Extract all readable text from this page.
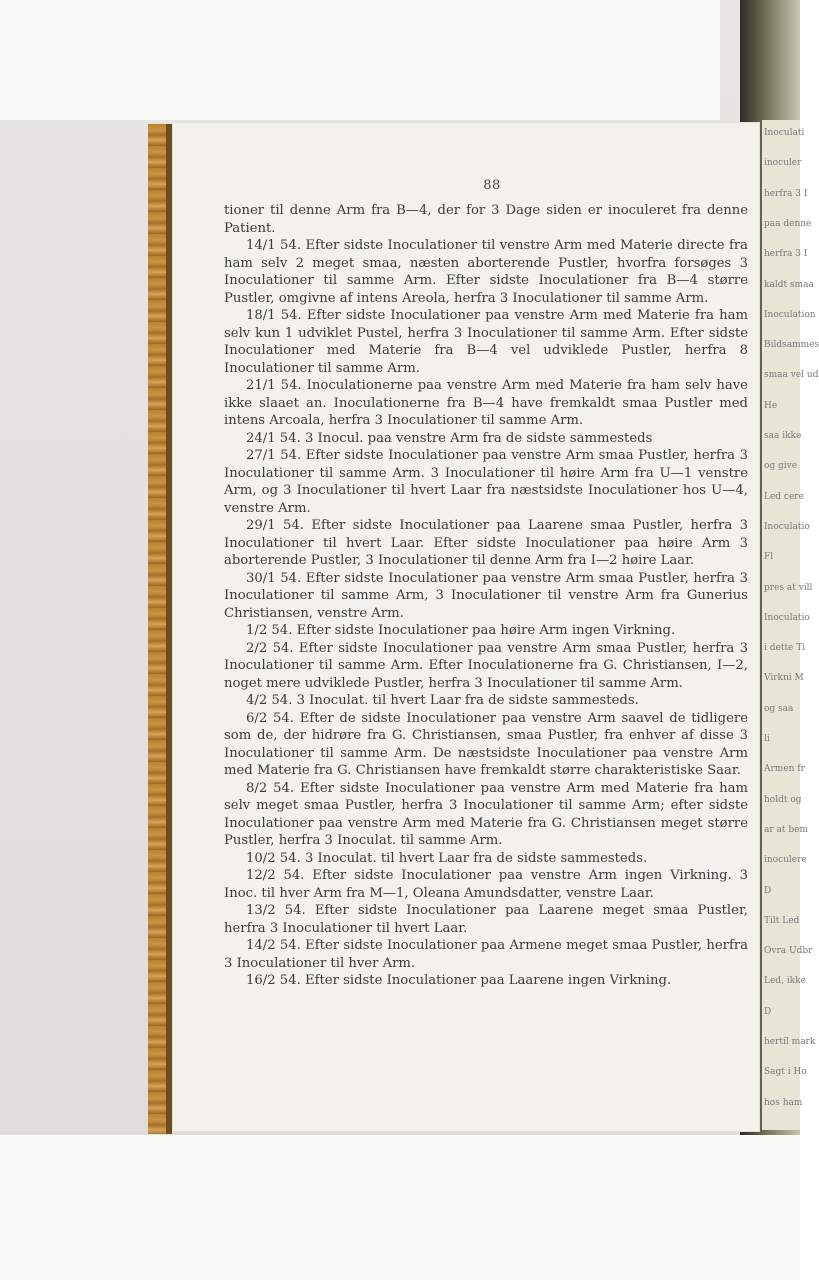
Inoculati
inoculer
herfra 3 I
paa denne
herfra 3 I
kaldt smaa
Inoculation
Bildsammes
smaa vel ud
He
saa ikke
og give
Led cere
Inoculatio
Fl
pres at vill
Inoculatio
i dette Ti
Virkni M
og saa
li
Armen fr
holdt og
ar at bem
inoculere
D
Tilt Led
Ovra Udbr
Led, ikke
D
hertil mark
Sagt i Ho
hos ham
88

tioner til denne Arm fra B—4, der for 3 Dage siden er inoculeret fra denne Patient.

14/1 54. Efter sidste Inoculationer til venstre Arm med Materie directe fra ham selv 2 meget smaa, næsten aborterende Pustler, hvorfra forsøges 3 Inoculationer til samme Arm. Efter sidste Inoculationer fra B—4 større Pustler, omgivne af intens Areola, herfra 3 Inoculationer til samme Arm.

18/1 54. Efter sidste Inoculationer paa venstre Arm med Materie fra ham selv kun 1 udviklet Pustel, herfra 3 Inoculationer til samme Arm. Efter sidste Inoculationer med Materie fra B—4 vel udviklede Pustler, herfra 8 Inoculationer til samme Arm.

21/1 54. Inoculationerne paa venstre Arm med Materie fra ham selv have ikke slaaet an. Inoculationerne fra B—4 have fremkaldt smaa Pustler med intens Arcoala, herfra 3 Inoculationer til samme Arm.

24/1 54. 3 Inocul. paa venstre Arm fra de sidste sammesteds

27/1 54. Efter sidste Inoculationer paa venstre Arm smaa Pustler, herfra 3 Inoculationer til samme Arm. 3 Inoculationer til høire Arm fra U—1 venstre Arm, og 3 Inoculationer til hvert Laar fra næstsidste Inoculationer hos U—4, venstre Arm.

29/1 54. Efter sidste Inoculationer paa Laarene smaa Pustler, herfra 3 Inoculationer til hvert Laar. Efter sidste Inoculationer paa høire Arm 3 aborterende Pustler, 3 Inoculationer til denne Arm fra I—2 høire Laar.

30/1 54. Efter sidste Inoculationer paa venstre Arm smaa Pustler, herfra 3 Inoculationer til samme Arm, 3 Inoculationer til venstre Arm fra Gunerius Christiansen, venstre Arm.

1/2 54. Efter sidste Inoculationer paa høire Arm ingen Virkning.

2/2 54. Efter sidste Inoculationer paa venstre Arm smaa Pustler, herfra 3 Inoculationer til samme Arm. Efter Inoculationerne fra G. Christiansen, I—2, noget mere udviklede Pustler, herfra 3 Inoculationer til samme Arm.

4/2 54. 3 Inoculat. til hvert Laar fra de sidste sammesteds.

6/2 54. Efter de sidste Inoculationer paa venstre Arm saavel de tidligere som de, der hidrøre fra G. Christiansen, smaa Pustler, fra enhver af disse 3 Inoculationer til samme Arm. De næstsidste Inoculationer paa venstre Arm med Materie fra G. Christiansen have fremkaldt større charakteristiske Saar.

8/2 54. Efter sidste Inoculationer paa venstre Arm med Materie fra ham selv meget smaa Pustler, herfra 3 Inoculationer til samme Arm; efter sidste Inoculationer paa venstre Arm med Materie fra G. Christiansen meget større Pustler, herfra 3 Inoculat. til samme Arm.

10/2 54. 3 Inoculat. til hvert Laar fra de sidste sammesteds.

12/2 54. Efter sidste Inoculationer paa venstre Arm ingen Virkning. 3 Inoc. til hver Arm fra M—1, Oleana Amundsdatter, venstre Laar.

13/2 54. Efter sidste Inoculationer paa Laarene meget smaa Pustler, herfra 3 Inoculationer til hvert Laar.

14/2 54. Efter sidste Inoculationer paa Armene meget smaa Pustler, herfra 3 Inoculationer til hver Arm.

16/2 54. Efter sidste Inoculationer paa Laarene ingen Virkning.
